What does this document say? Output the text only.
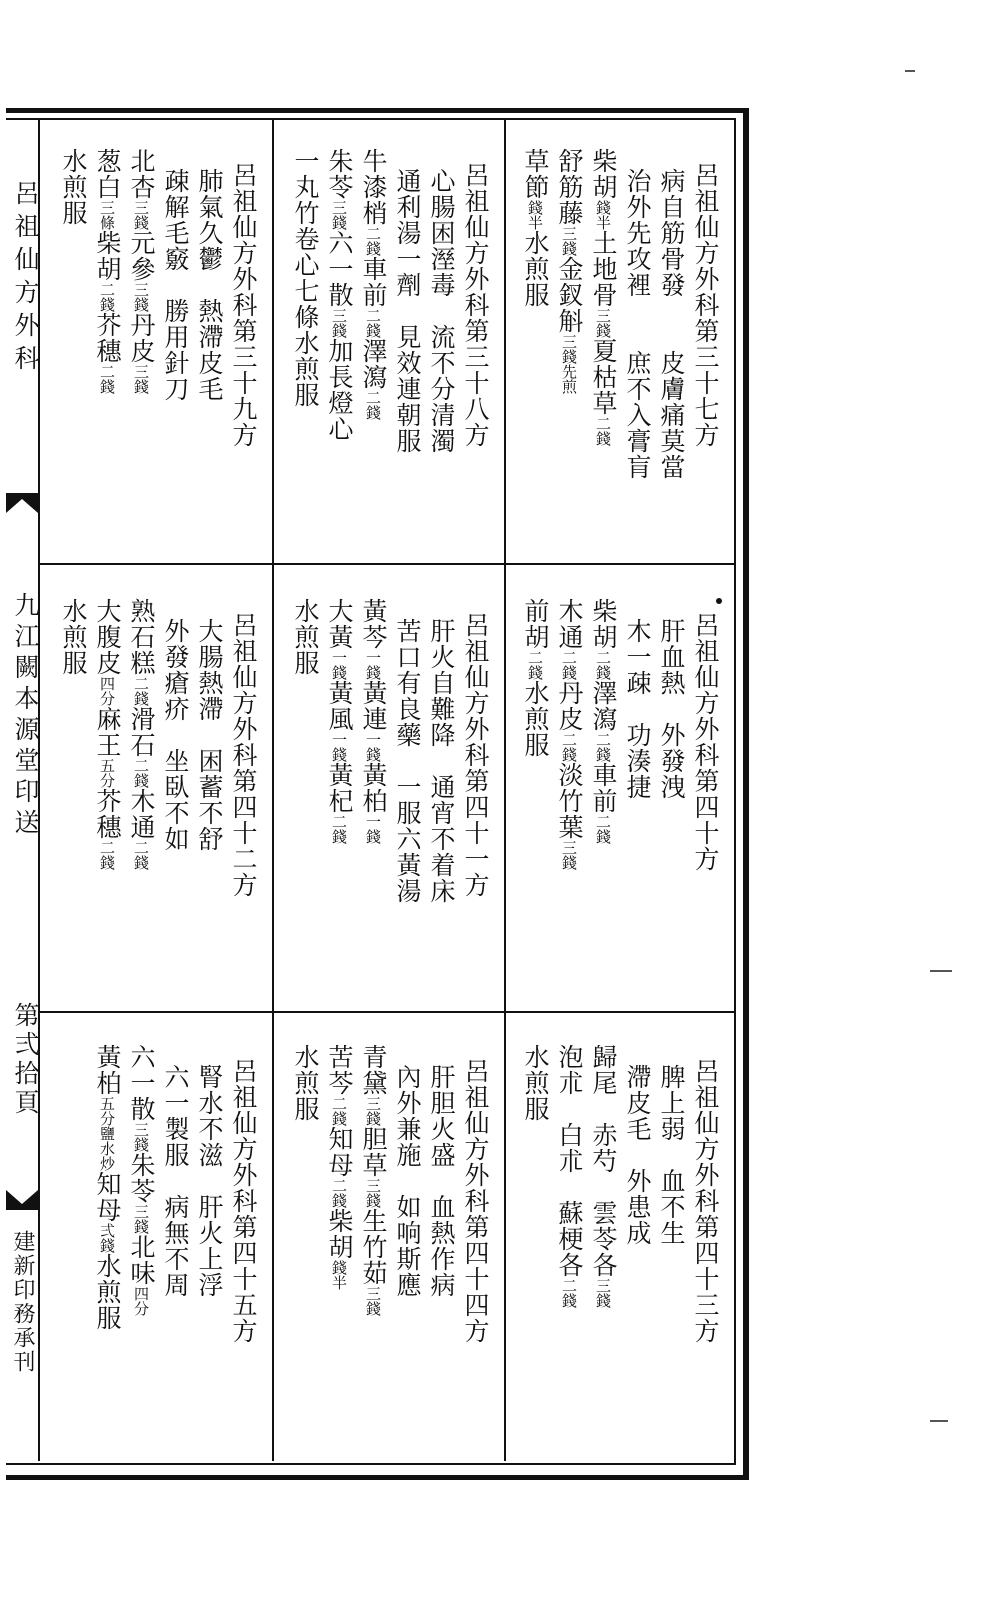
呂祖仙方外科
九江闕本源堂印送
第弍拾頁
建新印務承刊
呂祖仙方外科第三十七方
病自筋骨發　　皮膚痛莫當
治外先攻裡　　庶不入膏肓
柴胡錢半土地骨三錢夏枯草二錢
舒筋藤三錢金釵斛三錢先煎
草節錢半水煎服
呂祖仙方外科第四十方
肝血熱　外發洩
木一疎　功湊捷
柴胡二錢澤瀉二錢車前二錢
木通二錢丹皮二錢淡竹葉三錢
前胡二錢水煎服
呂祖仙方外科第四十三方
脾上弱　血不生
滯皮毛　外患成
歸尾　赤芍　雲苓各三錢
泡朮　白朮　蘇梗各二錢
水煎服
呂祖仙方外科第三十八方
心腸困溼毒　流不分清濁
通利湯一劑　見效連朝服
牛漆梢二錢車前二錢澤瀉二錢
朱苓三錢六一散三錢加長燈心
一丸竹卷心七條水煎服
呂祖仙方外科第四十一方
肝火自難降　通宵不着床
苦口有良藥　一服六黃湯
黃芩一錢黃連一錢黃柏一錢
大黃一錢黃風一錢黃杞二錢
水煎服
呂祖仙方外科第四十四方
肝胆火盛　血熱作病
內外兼施　如响斯應
青黛三錢胆草三錢生竹茹三錢
苦芩二錢知母二錢柴胡錢半
水煎服
呂祖仙方外科第三十九方
肺氣久鬱　熱滯皮毛
疎解毛竅　勝用針刀
北杏三錢元參三錢丹皮三錢
葱白三條柴胡二錢芥穗二錢
水煎服
呂祖仙方外科第四十二方
大腸熱滯　困蓄不舒
外發瘡疥　坐臥不如
熟石糕二錢滑石二錢木通二錢
大腹皮四分麻王五分芥穗二錢
水煎服
呂祖仙方外科第四十五方
腎水不滋　肝火上浮
六一製服　病無不周
六一散三錢朱苓三錢北味四分
黃柏五分鹽水炒知母弍錢水煎服
